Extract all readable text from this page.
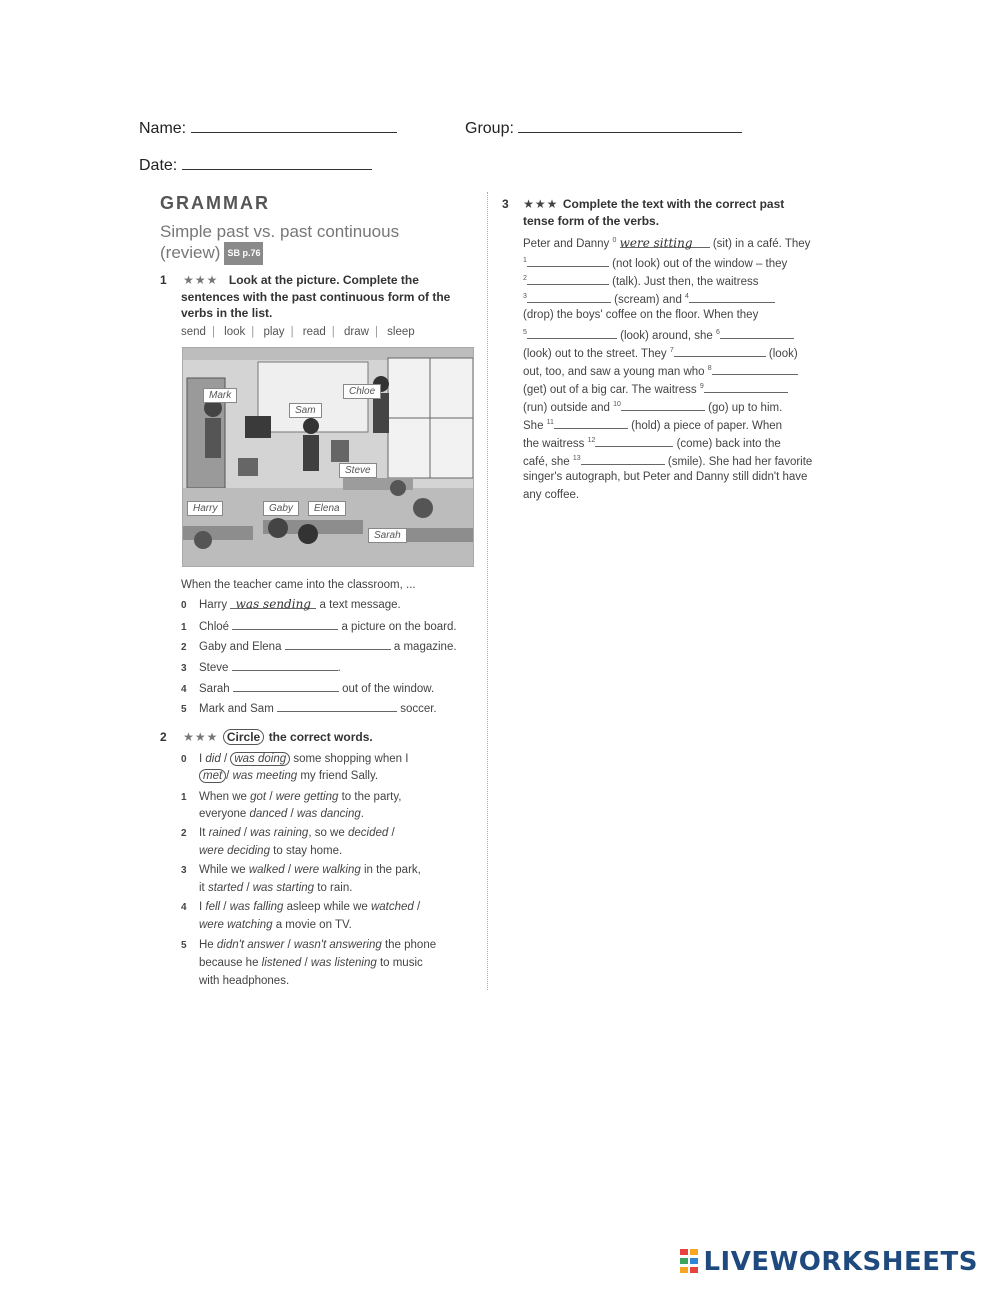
Name:	Group:
Date:
GRAMMAR
Simple past vs. past continuous
(review) SB p.76
1 ★★★ Look at the picture. Complete the
sentences with the past continuous form of the
verbs in the list.
send | look | play | read | draw | sleep
Mark	Chloe
Sam
Steve
Harry	Gaby	Elena
Sarah
When the teacher came into the classroom, ...
0 Harry was sending a text message.
1 Chloé	a picture on the board.
2 Gaby and Elena	a magazine.
3 Steve	.
4 Sarah	out of the window.
5 Mark and Sam	soccer.
2 ★★★ Circle the correct words.
0 I did / was doing some shopping when I
met / was meeting my friend Sally.
1 When we got / were getting to the party,
everyone danced / was dancing.
2 It rained / was raining, so we decided /
were deciding to stay home.
3 While we walked / were walking in the park,
it started / was starting to rain.
4 I fell / was falling asleep while we watched /
were watching a movie on TV.
5 He didn't answer / wasn't answering the phone
because he listened / was listening to music
with headphones.
3 ★★★ Complete the text with the correct past
tense form of the verbs.
Peter and Danny $^0$ were sitting (sit) in a café. They
$^1$	(not look) out of the window – they
$^2$	(talk). Just then, the waitress
$^3$	(scream) and $^4$
(drop) the boys' coffee on the floor. When they
$^5$	(look) around, she $^6$
(look) out to the street. They $^7$	(look)
out, too, and saw a young man who $^8$
(get) out of a big car. The waitress $^9$
(run) outside and $^{10}$	(go) up to him.
She $^{11}$	(hold) a piece of paper. When
the waitress $^{12}$	(come) back into the
café, she $^{13}$	(smile). She had her favorite
singer's autograph, but Peter and Danny still didn't have
any coffee.
LIVEWORKSHEETS
